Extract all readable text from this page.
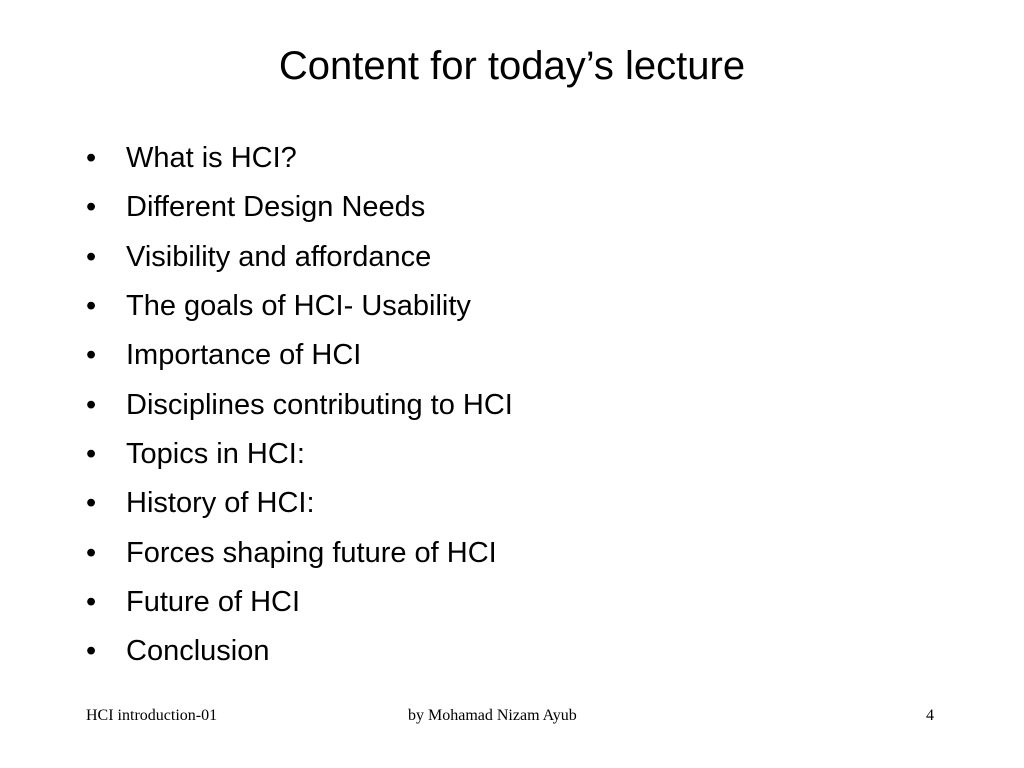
Content for today’s lecture
•	What is HCI?
•	Different Design Needs
•	Visibility and affordance
•	The goals of HCI- Usability
•	Importance of HCI
•	Disciplines contributing to HCI
•	Topics in HCI:
•	History of HCI:
•	Forces shaping future of HCI
•	Future of HCI
•	Conclusion
HCI introduction-01	by Mohamad Nizam Ayub	4
